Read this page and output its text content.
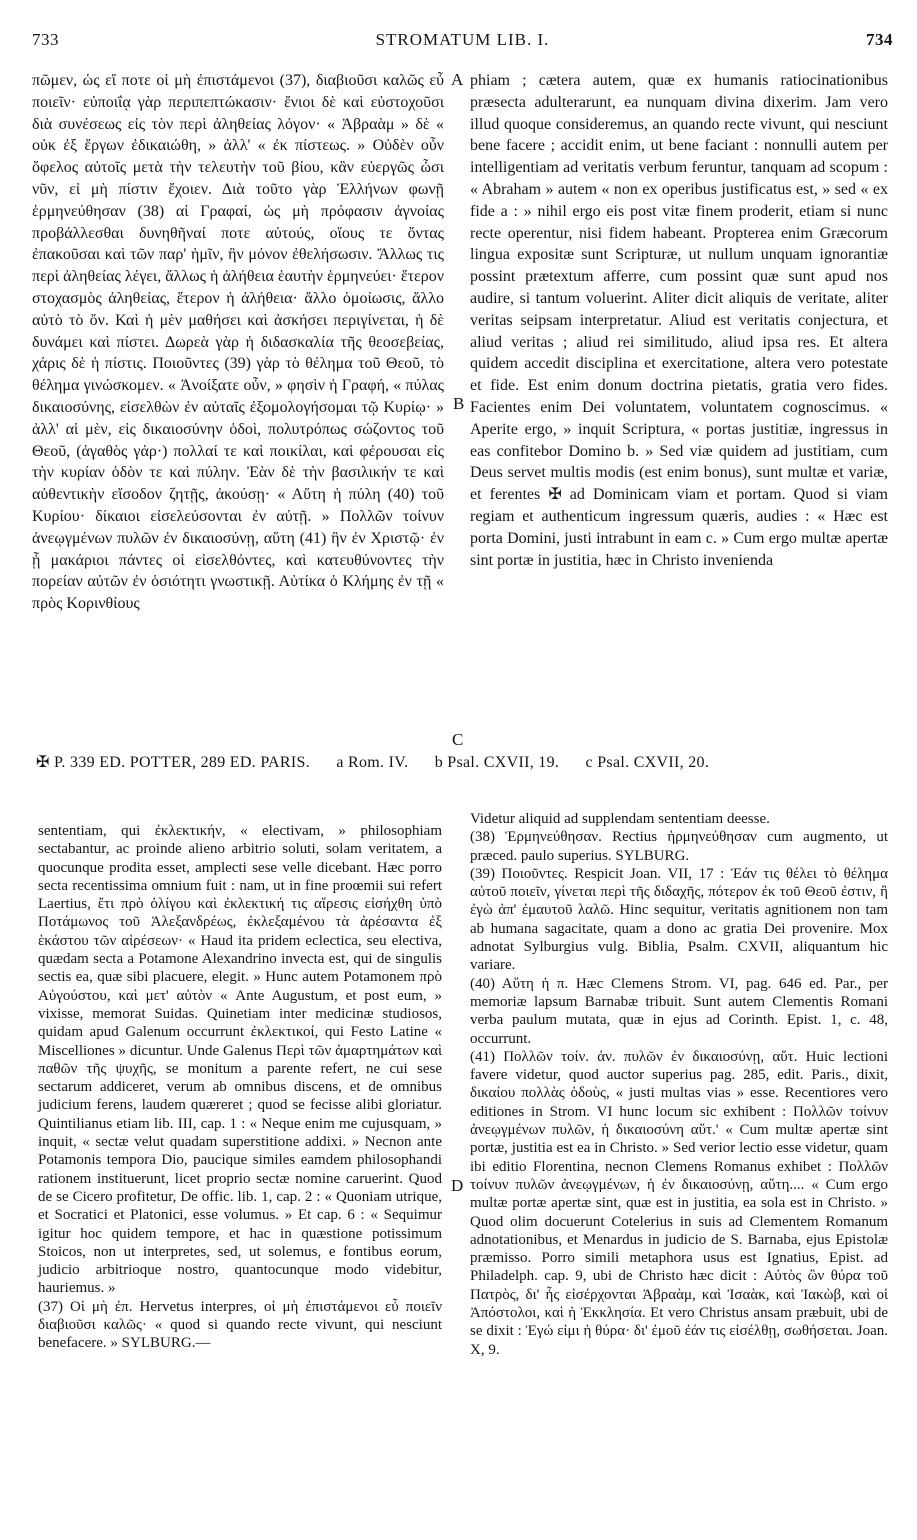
733	STROMATUM LIB. I.	734

πῶμεν, ὡς εἴ ποτε οἱ μὴ ἐπιστάμενοι (37), διαβιοῦσι καλῶς εὖ ποιεῖν· εὐποιΐᾳ γὰρ περιπεπτώκασιν· ἔνιοι δὲ καὶ εὐστοχοῦσι διὰ συνέσεως εἰς τὸν περὶ ἀληθείας λόγον· « Ἀβραὰμ » δὲ « οὐκ ἐξ ἔργων ἐδικαιώθη, » ἀλλ' « ἐκ πίστεως. » Οὐδὲν οὖν ὄφελος αὐτοῖς μετὰ τὴν τελευτὴν τοῦ βίου, κἂν εὐεργῶς ὦσι νῦν, εἰ μὴ πίστιν ἔχοιεν. Διὰ τοῦτο γὰρ Ἑλλήνων φωνῇ ἑρμηνεύθησαν (38) αἱ Γραφαί, ὡς μὴ πρόφασιν ἀγνοίας προβάλλεσθαι δυνηθῆναί ποτε αὐτούς, οἵους τε ὄντας ἐπακοῦσαι καὶ τῶν παρ' ἡμῖν, ἣν μόνον ἐθελήσωσιν. Ἄλλως τις περὶ ἀληθείας λέγει, ἄλλως ἡ ἀλήθεια ἑαυτὴν ἑρμηνεύει· ἕτερον στοχασμὸς ἀληθείας, ἕτερον ἡ ἀλήθεια· ἄλλο ὁμοίωσις, ἄλλο αὐτὸ τὸ ὄν. Καὶ ἡ μὲν μαθήσει καὶ ἀσκήσει περιγίνεται, ἡ δὲ δυνάμει καὶ πίστει. Δωρεὰ γὰρ ἡ διδασκαλία τῆς θεοσεβείας, χάρις δὲ ἡ πίστις. Ποιοῦντες (39) γὰρ τὸ θέλημα τοῦ Θεοῦ, τὸ θέλημα γινώσκομεν. « Ἀνοίξατε οὖν, » φησὶν ἡ Γραφή, « πύλας δικαιοσύνης, εἰσελθὼν ἐν αὐταῖς ἐξομολογήσομαι τῷ Κυρίῳ· » ἀλλ' αἱ μὲν, εἰς δικαιοσύνην ὁδοὶ, πολυτρόπως σώζοντος τοῦ Θεοῦ, (ἀγαθὸς γάρ·) πολλαί τε καὶ ποικίλαι, καὶ φέρουσαι εἰς τὴν κυρίαν ὁδὸν τε καὶ πύλην. Ἐὰν δὲ τὴν βασιλικήν τε καὶ αὐθεντικὴν εἴσοδον ζητῇς, ἀκούσῃ· « Αὕτη ἡ πύλη (40) τοῦ Κυρίου· δίκαιοι εἰσελεύσονται ἐν αὐτῇ. » Πολλῶν τοίνυν ἀνεῳγμένων πυλῶν ἐν δικαιοσύνῃ, αὕτη (41) ἣν ἐν Χριστῷ· ἐν ᾗ μακάριοι πάντες οἱ εἰσελθόντες, καὶ κατευθύνοντες τὴν πορείαν αὐτῶν ἐν ὁσιότητι γνωστικῇ. Αὐτίκα ὁ Κλήμης ἐν τῇ « πρὸς Κορινθίους

A
B
C

phiam ; cætera autem, quæ ex humanis ratiocinationibus præsecta adulterarunt, ea nunquam divina dixerim. Jam vero illud quoque consideremus, an quando recte vivunt, qui nesciunt bene facere ; accidit enim, ut bene faciant : nonnulli autem per intelligentiam ad veritatis verbum feruntur, tanquam ad scopum : « Abraham » autem « non ex operibus justificatus est, » sed « ex fide a : » nihil ergo eis post vitæ finem proderit, etiam si nunc recte operentur, nisi fidem habeant. Propterea enim Græcorum lingua expositæ sunt Scripturæ, ut nullum unquam ignorantiæ possint prætextum afferre, cum possint quæ sunt apud nos audire, si tantum voluerint. Aliter dicit aliquis de veritate, aliter veritas seipsam interpretatur. Aliud est veritatis conjectura, et aliud veritas ; aliud rei similitudo, aliud ipsa res. Et altera quidem accedit disciplina et exercitatione, altera vero potestate et fide. Est enim donum doctrina pietatis, gratia vero fides. Facientes enim Dei voluntatem, voluntatem cognoscimus. « Aperite ergo, » inquit Scriptura, « portas justitiæ, ingressus in eas confitebor Domino b. » Sed viæ quidem ad justitiam, cum Deus servet multis modis (est enim bonus), sunt multæ et variæ, et ferentes ✠ ad Dominicam viam et portam. Quod si viam regiam et authenticum ingressum quæris, audies : « Hæc est porta Domini, justi intrabunt in eam c. » Cum ergo multæ apertæ sint portæ in justitia, hæc in Christo invenienda

✠ P. 339 ED. POTTER, 289 ED. PARIS. a Rom. IV. b Psal. CXVII, 19. c Psal. CXVII, 20.

sententiam, qui ἐκλεκτικήν, « electivam, » philosophiam sectabantur, ac proinde alieno arbitrio soluti, solam veritatem, a quocunque prodita esset, amplecti sese velle dicebant. Hæc porro secta recentissima omnium fuit : nam, ut in fine proœmii sui refert Laertius, ἔτι πρὸ ὀλίγου καὶ ἐκλεκτική τις αἵρεσις εἰσήχθη ὑπὸ Ποτάμωνος τοῦ Ἀλεξανδρέως, ἐκλεξαμένου τὰ ἀρέσαντα ἐξ ἑκάστου τῶν αἱρέσεων· « Haud ita pridem eclectica, seu electiva, quædam secta a Potamone Alexandrino invecta est, qui de singulis sectis ea, quæ sibi placuere, elegit. » Hunc autem Potamonem πρὸ Αὐγούστου, καὶ μετ' αὐτὸν « Ante Augustum, et post eum, » vixisse, memorat Suidas. Quinetiam inter medicinæ studiosos, quidam apud Galenum occurrunt ἐκλεκτικοί, qui Festo Latine « Miscelliones » dicuntur. Unde Galenus Περὶ τῶν ἁμαρτημάτων καὶ παθῶν τῆς ψυχῆς, se monitum a parente refert, ne cui sese sectarum addiceret, verum ab omnibus discens, et de omnibus judicium ferens, laudem quæreret ; quod se fecisse alibi gloriatur. Quintilianus etiam lib. III, cap. 1 : « Neque enim me cujusquam, » inquit, « sectæ velut quadam superstitione addixi. » Necnon ante Potamonis tempora Dio, paucique similes eamdem philosophandi rationem instituerunt, licet proprio sectæ nomine caruerint. Quod de se Cicero profitetur, De offic. lib. 1, cap. 2 : « Quoniam utrique, et Socratici et Platonici, esse volumus. » Et cap. 6 : « Sequimur igitur hoc quidem tempore, et hac in quæstione potissimum Stoicos, non ut interpretes, sed, ut solemus, e fontibus eorum, judicio arbitrioque nostro, quantocunque modo videbitur, hauriemus. »

(37) Οἱ μὴ ἐπ. Hervetus interpres, οἱ μὴ ἐπιστάμενοι εὖ ποιεῖν διαβιοῦσι καλῶς· « quod si quando recte vivunt, qui nesciunt benefacere. » SYLBURG.—

D

Videtur aliquid ad supplendam sententiam deesse.

(38) Ἑρμηνεύθησαν. Rectius ἡρμηνεύθησαν cum augmento, ut præced. paulo superius. SYLBURG.

(39) Ποιοῦντες. Respicit Joan. VII, 17 : Ἐάν τις θέλει τὸ θέλημα αὐτοῦ ποιεῖν, γίνεται περὶ τῆς διδαχῆς, πότερον ἐκ τοῦ Θεοῦ ἐστιν, ἢ ἐγὼ ἀπ' ἐμαυτοῦ λαλῶ. Hinc sequitur, veritatis agnitionem non tam ab humana sagacitate, quam a dono ac gratia Dei provenire. Mox adnotat Sylburgius vulg. Biblia, Psalm. CXVII, aliquantum hic variare.

(40) Αὕτη ἡ π. Hæc Clemens Strom. VI, pag. 646 ed. Par., per memoriæ lapsum Barnabæ tribuit. Sunt autem Clementis Romani verba paulum mutata, quæ in ejus ad Corinth. Epist. 1, c. 48, occurrunt.

(41) Πολλῶν τοίν. ἀν. πυλῶν ἐν δικαιοσύνῃ, αὕτ. Huic lectioni favere videtur, quod auctor superius pag. 285, edit. Paris., dixit, δικαίου πολλὰς ὁδοὺς, « justi multas vias » esse. Recentiores vero editiones in Strom. VI hunc locum sic exhibent : Πολλῶν τοίνυν ἀνεῳγμένων πυλῶν, ἡ δικαιοσύνη αὕτ.' « Cum multæ apertæ sint portæ, justitia est ea in Christo. » Sed verior lectio esse videtur, quam ibi editio Florentina, necnon Clemens Romanus exhibet : Πολλῶν τοίνυν πυλῶν ἀνεῳγμένων, ἡ ἐν δικαιοσύνῃ, αὕτη.... « Cum ergo multæ portæ apertæ sint, quæ est in justitia, ea sola est in Christo. » Quod olim docuerunt Cotelerius in suis ad Clementem Romanum adnotationibus, et Menardus in judicio de S. Barnaba, ejus Epistolæ præmisso. Porro simili metaphora usus est Ignatius, Epist. ad Philadelph. cap. 9, ubi de Christo hæc dicit : Αὐτὸς ὢν θύρα τοῦ Πατρὸς, δι' ἧς εἰσέρχονται Ἀβραὰμ, καὶ Ἰσαὰκ, καὶ Ἰακὼβ, καὶ οἱ Ἀπόστολοι, καὶ ἡ Ἐκκλησία. Et vero Christus ansam præbuit, ubi de se dixit : Ἐγώ εἰμι ἡ θύρα· δι' ἐμοῦ ἐάν τις εἰσέλθῃ, σωθήσεται. Joan. X, 9.
